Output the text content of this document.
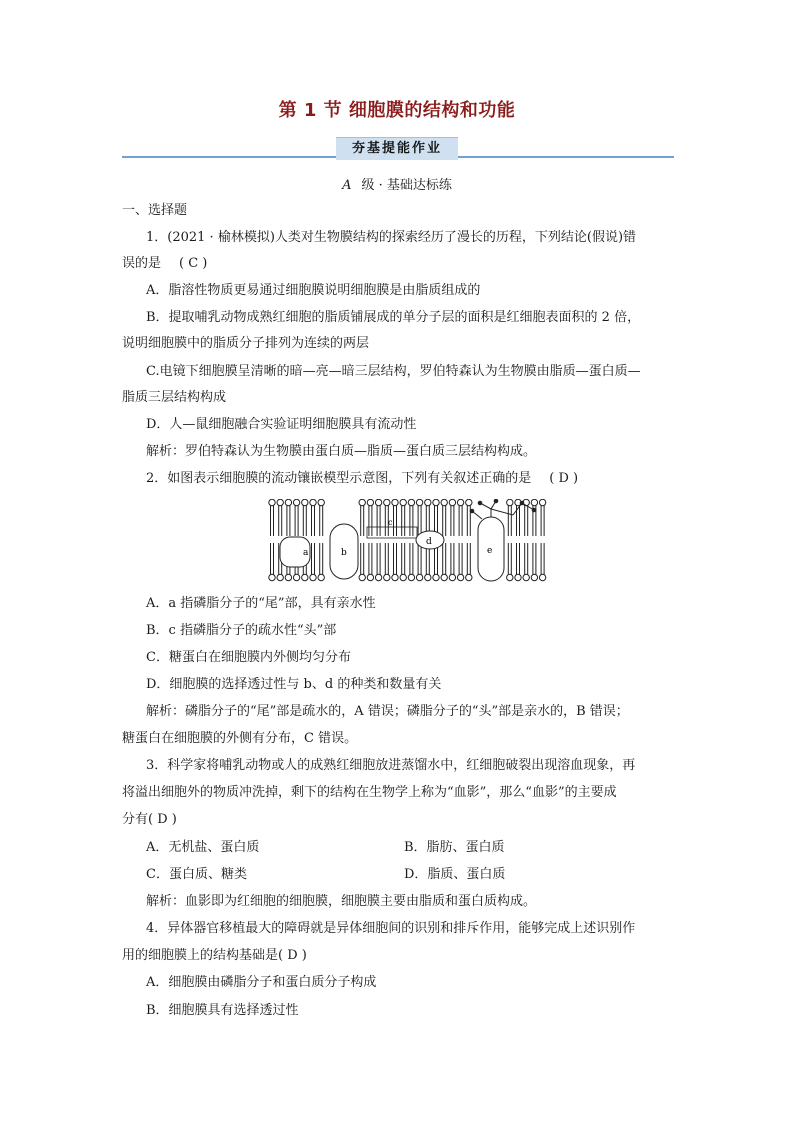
第 1 节 细胞膜的结构和功能
夯基提能作业
A 级 · 基础达标练
一、选择题
1．(2021 · 榆林模拟)人类对生物膜结构的探索经历了漫长的历程，下列结论(假说)错
误的是 ( C )
A．脂溶性物质更易通过细胞膜说明细胞膜是由脂质组成的
B．提取哺乳动物成熟红细胞的脂质铺展成的单分子层的面积是红细胞表面积的 2 倍，
说明细胞膜中的脂质分子排列为连续的两层
C.电镜下细胞膜呈清晰的暗—亮—暗三层结构，罗伯特森认为生物膜由脂质—蛋白质—
脂质三层结构构成
D．人—鼠细胞融合实验证明细胞膜具有流动性
解析：罗伯特森认为生物膜由蛋白质—脂质—蛋白质三层结构构成。
2．如图表示细胞膜的流动镶嵌模型示意图，下列有关叙述正确的是 ( D )
a	b
c
d
e
A．a 指磷脂分子的“尾”部，具有亲水性
B．c 指磷脂分子的疏水性“头”部
C．糖蛋白在细胞膜内外侧均匀分布
D．细胞膜的选择透过性与 b、d 的种类和数量有关
解析：磷脂分子的“尾”部是疏水的，A 错误；磷脂分子的“头”部是亲水的，B 错误；
糖蛋白在细胞膜的外侧有分布，C 错误。
3．科学家将哺乳动物或人的成熟红细胞放进蒸馏水中，红细胞破裂出现溶血现象，再
将溢出细胞外的物质冲洗掉，剩下的结构在生物学上称为“血影”，那么“血影”的主要成
分有( D )
A．无机盐、蛋白质	B．脂肪、蛋白质
C．蛋白质、糖类	D．脂质、蛋白质
解析：血影即为红细胞的细胞膜，细胞膜主要由脂质和蛋白质构成。
4．异体器官移植最大的障碍就是异体细胞间的识别和排斥作用，能够完成上述识别作
用的细胞膜上的结构基础是( D )
A．细胞膜由磷脂分子和蛋白质分子构成
B．细胞膜具有选择透过性
